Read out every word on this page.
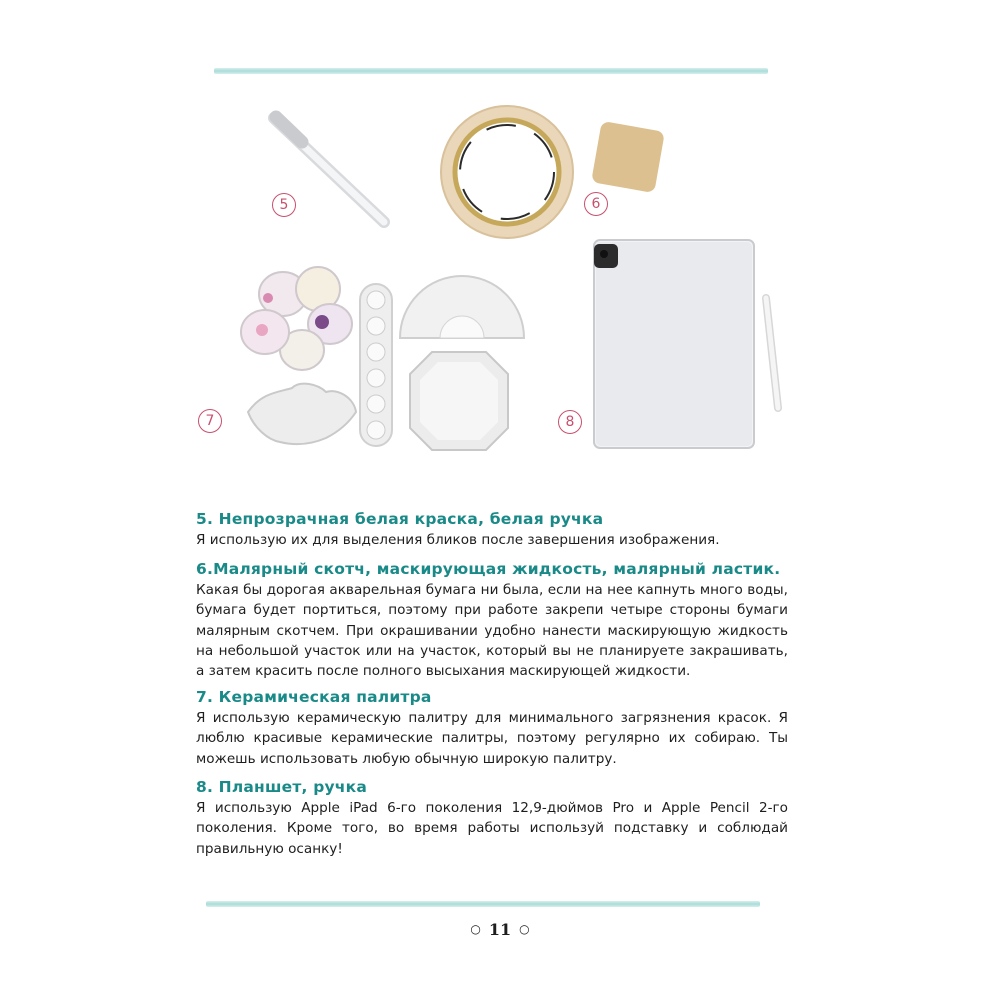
5	6
7	8
5. Непрозрачная белая краска, белая ручка

Я использую их для выделения бликов после завершения изображения.

6.Малярный скотч, маскирующая жидкость, малярный ластик.

Какая бы дорогая акварельная бумага ни была, если на нее капнуть много воды, бумага будет портиться, поэтому при работе закрепи четыре стороны бумаги малярным скотчем. При окрашивании удобно нанести маскирующую жидкость на небольшой участок или на участок, который вы не планируете закрашивать, а затем красить после полного высыхания маскирующей жидкости.

7. Керамическая палитра

Я использую керамическую палитру для минимального загрязнения красок. Я люблю красивые керамические палитры, поэтому регулярно их собираю. Ты можешь использовать любую обычную широкую палитру.

8. Планшет, ручка

Я использую Apple iPad 6-го поколения 12,9-дюймов Pro и Apple Pencil 2-го поколения. Кроме того, во время работы используй подставку и соблюдай правильную осанку!

○ 11 ○
